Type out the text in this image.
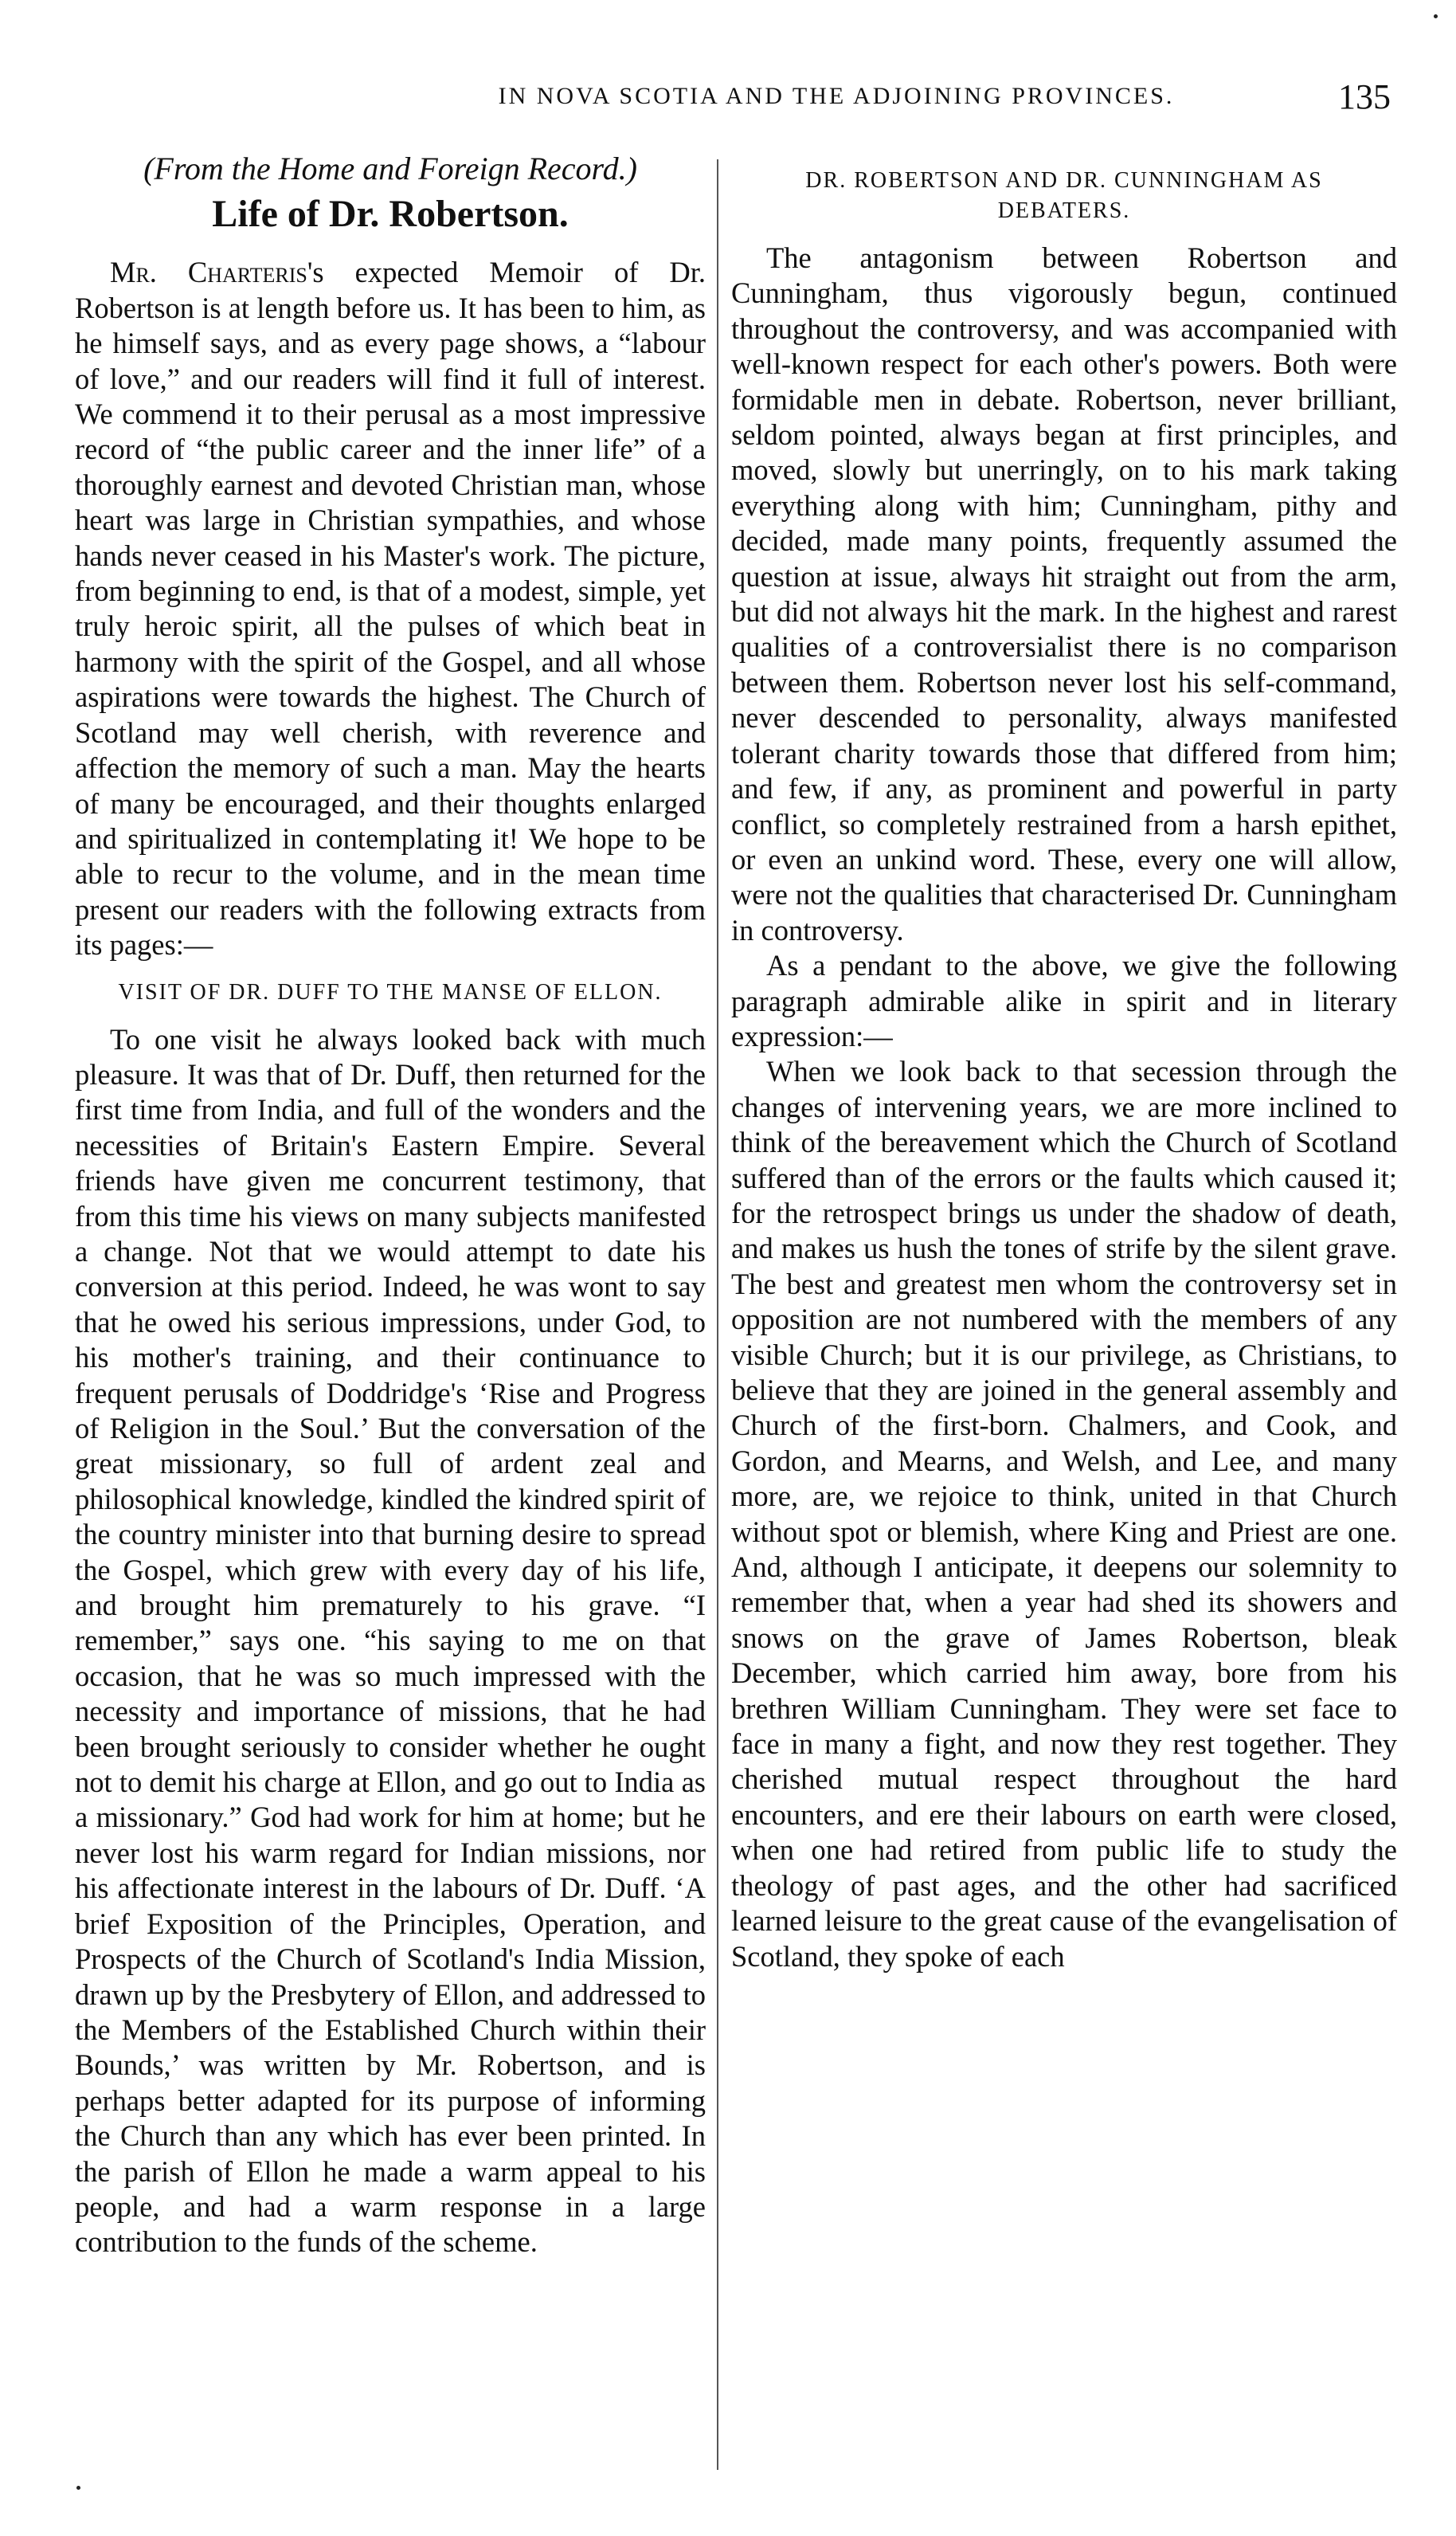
IN NOVA SCOTIA AND THE ADJOINING PROVINCES.	135
(From the Home and Foreign Record.)
Life of Dr. Robertson.

Mr. Charteris's expected Memoir of Dr. Robertson is at length before us. It has been to him, as he himself says, and as every page shows, a “labour of love,” and our readers will find it full of interest. We commend it to their perusal as a most impressive record of “the public career and the inner life” of a thoroughly earnest and devoted Christian man, whose heart was large in Christian sympathies, and whose hands never ceased in his Master's work. The picture, from beginning to end, is that of a modest, simple, yet truly heroic spirit, all the pulses of which beat in harmony with the spirit of the Gospel, and all whose aspirations were towards the highest. The Church of Scotland may well cherish, with reverence and affection the memory of such a man. May the hearts of many be encouraged, and their thoughts enlarged and spiritualized in contemplating it! We hope to be able to recur to the volume, and in the mean time present our readers with the following extracts from its pages:—

VISIT OF DR. DUFF TO THE MANSE OF ELLON.

To one visit he always looked back with much pleasure. It was that of Dr. Duff, then returned for the first time from India, and full of the wonders and the necessities of Britain's Eastern Empire. Several friends have given me concurrent testimony, that from this time his views on many subjects manifested a change. Not that we would attempt to date his conversion at this period. Indeed, he was wont to say that he owed his serious impressions, under God, to his mother's training, and their continuance to frequent perusals of Doddridge's ‘Rise and Progress of Religion in the Soul.’ But the conversation of the great missionary, so full of ardent zeal and philosophical knowledge, kindled the kindred spirit of the country minister into that burning desire to spread the Gospel, which grew with every day of his life, and brought him prematurely to his grave. “I remember,” says one. “his saying to me on that occasion, that he was so much impressed with the necessity and importance of missions, that he had been brought seriously to consider whether he ought not to demit his charge at Ellon, and go out to India as a missionary.” God had work for him at home; but he never lost his warm regard for Indian missions, nor his affectionate interest in the labours of Dr. Duff. ‘A brief Exposition of the Principles, Operation, and Prospects of the Church of Scotland's India Mission, drawn up by the Presbytery of Ellon, and addressed to the Members of the Established Church within their Bounds,’ was written by Mr. Robertson, and is perhaps better adapted for its purpose of informing the Church than any which has ever been printed. In the parish of Ellon he made a warm appeal to his people, and had a warm response in a large contribution to the funds of the scheme.

DR. ROBERTSON AND DR. CUNNINGHAM AS DEBATERS.

The antagonism between Robertson and Cunningham, thus vigorously begun, continued throughout the controversy, and was accompanied with well-known respect for each other's powers. Both were formidable men in debate. Robertson, never brilliant, seldom pointed, always began at first principles, and moved, slowly but unerringly, on to his mark taking everything along with him; Cunningham, pithy and decided, made many points, frequently assumed the question at issue, always hit straight out from the arm, but did not always hit the mark. In the highest and rarest qualities of a controversialist there is no comparison between them. Robertson never lost his self-command, never descended to personality, always manifested tolerant charity towards those that differed from him; and few, if any, as prominent and powerful in party conflict, so completely restrained from a harsh epithet, or even an unkind word. These, every one will allow, were not the qualities that characterised Dr. Cunningham in controversy.

As a pendant to the above, we give the following paragraph admirable alike in spirit and in literary expression:—

When we look back to that secession through the changes of intervening years, we are more inclined to think of the bereavement which the Church of Scotland suffered than of the errors or the faults which caused it; for the retrospect brings us under the shadow of death, and makes us hush the tones of strife by the silent grave. The best and greatest men whom the controversy set in opposition are not numbered with the members of any visible Church; but it is our privilege, as Christians, to believe that they are joined in the general assembly and Church of the first-born. Chalmers, and Cook, and Gordon, and Mearns, and Welsh, and Lee, and many more, are, we rejoice to think, united in that Church without spot or blemish, where King and Priest are one. And, although I anticipate, it deepens our solemnity to remember that, when a year had shed its showers and snows on the grave of James Robertson, bleak December, which carried him away, bore from his brethren William Cunningham. They were set face to face in many a fight, and now they rest together. They cherished mutual respect throughout the hard encounters, and ere their labours on earth were closed, when one had retired from public life to study the theology of past ages, and the other had sacrificed learned leisure to the great cause of the evangelisation of Scotland, they spoke of each
